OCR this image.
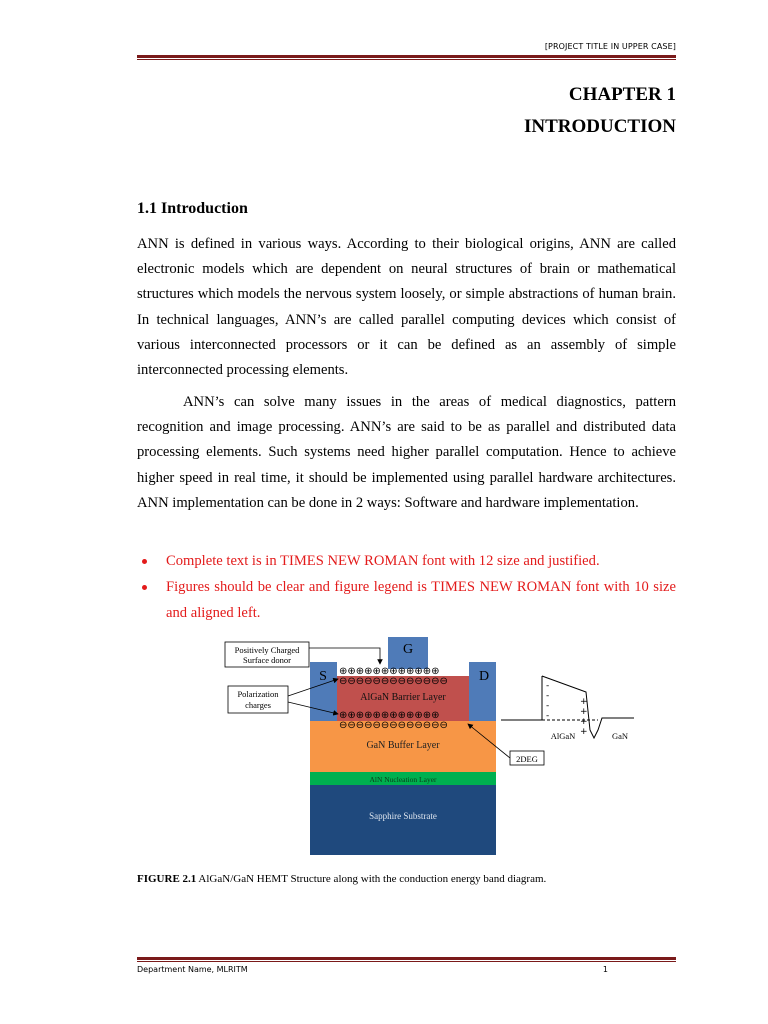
[PROJECT TITLE IN UPPER CASE]
CHAPTER 1
INTRODUCTION
1.1 Introduction

ANN is defined in various ways. According to their biological origins, ANN are called electronic models which are dependent on neural structures of brain or mathematical structures which models the nervous system loosely, or simple abstractions of human brain. In technical languages, ANN’s are called parallel computing devices which consist of various interconnected processors or it can be defined as an assembly of simple interconnected processing elements.

ANN’s can solve many issues in the areas of medical diagnostics, pattern recognition and image processing. ANN’s are said to be as parallel and distributed data processing elements. Such systems need higher parallel computation. Hence to achieve higher speed in real time, it should be implemented using parallel hardware architectures. ANN implementation can be done in 2 ways: Software and hardware implementation.

Complete text is in TIMES NEW ROMAN font with 12 size and justified.
Figures should be clear and figure legend is TIMES NEW ROMAN font with 10 size and aligned left.
Sapphire Substrate
AlN Nucleation Layer
GaN Buffer Layer
S	D
AlGaN Barrier Layer
G
⊕⊕⊕⊕⊕⊕⊕⊕⊕⊕⊕⊕
⊖⊖⊖⊖⊖⊖⊖⊖⊖⊖⊖⊖⊖
⊕⊕⊕⊕⊕⊕⊕⊕⊕⊕⊕⊕
⊖⊖⊖⊖⊖⊖⊖⊖⊖⊖⊖⊖⊖
Positively Charged
Surface donor
Polarization
charges
2DEG
-
-
-
-
+
+
+
+
AlGaN	GaN
FIGURE 2.1 AlGaN/GaN HEMT Structure along with the conduction energy band diagram.
Department Name, MLRITM	1
